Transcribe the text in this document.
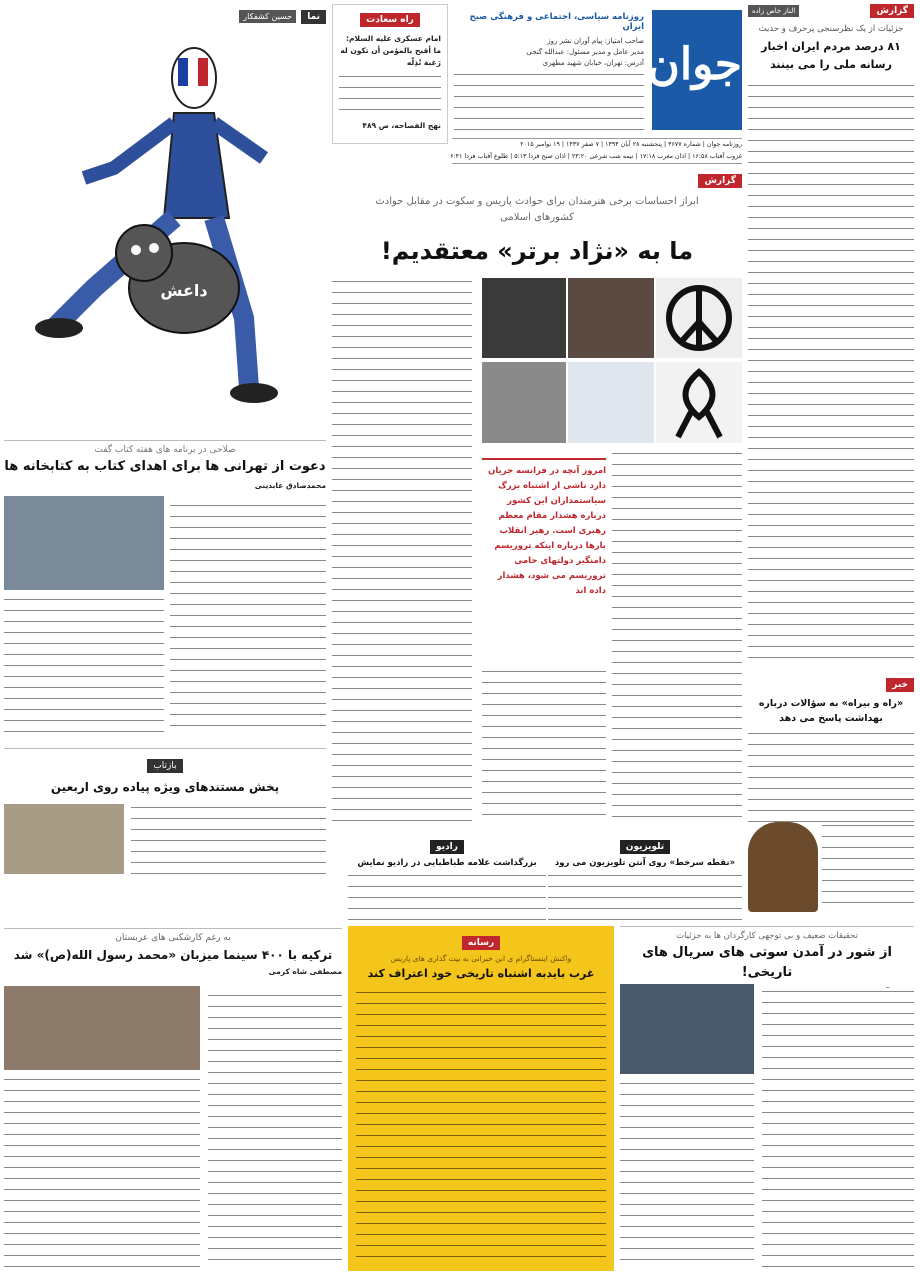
جوان
روزنامه سیاسی، اجتماعی و فرهنگی صبح ایران
صاحب امتیاز: پیام آوران نشر روز
مدیر عامل و مدیر مسئول: عبدالله گنجی
آدرس: تهران، خیابان شهید مطهری
روزنامه جوان | شماره ۴۶۷۷ | پنجشنبه ۲۸ آبان ۱۳۹۴ | ۷ صفر ۱۴۳۷ | ۱۹ نوامبر ۲۰۱۵
غروب آفتاب ۱۶:۵۸ | اذان مغرب ۱۷:۱۸ | نیمه شب شرعی ۲۳:۲۰ | اذان صبح فردا ۵:۱۳ | طلوع آفتاب فردا ۶:۴۱
گزارش
الناز خاص زاده
جزئیات از یک نظرسنجی پرحرف و حدیث
۸۱ درصد مردم ایران اخبار رسانه ملی را می بینند
راه سعادت
امام عسکری علیه السلام: ما أقبح بالمؤمن أن تكون له رَغبة تُذِلّه
نهج الفصاحه، ص ۴۸۹
نما حسین کشفکار
داعش
گزارش
ابراز احساسات برخی هنرمندان برای حوادث پاریس و سکوت در مقابل حوادث کشورهای اسلامی
ما به «نژاد برتر» معتقدیم!
امروز آنچه در فرانسه جریان دارد ناشی از اشتباه بزرگ سیاستمداران این کشور درباره هشدار مقام معظم رهبری است. رهبر انقلاب بارها درباره اینکه تروریسم دامنگیر دولتهای حامی تروریسم می شود، هشدار داده اند
صلاحی در برنامه های هفته کتاب گفت
دعوت از تهرانی ها برای اهدای کتاب به کتابخانه ها
محمدصادق عابدینی
بازتاب
پخش مستندهای ویژه پیاده روی اربعین
رادیو
بزرگداشت علامه طباطبایی در رادیو نمایش
تلویزیون
«نقطه سرخط» روی آنتن تلویزیون می رود
خبر
«راه و بیراه» به سؤالات درباره بهداشت پاسخ می دهد
رسانه
واکنش اینستاگرام ی ابن خبرانی به بیت گذاری های پاریس
غرب بایدبه اشتباه تاریخی خود اعتراف کند
به رغم کارشکنی های عربستان
ترکیه با ۴۰۰ سینما میزبان «محمد رسول الله(ص)» شد
مصطفی شاه کرمی
تحقیقات ضعیف و بی توجهی کارگردان ها به جزئیات
از شور در آمدن سوتی های سریال های تاریخی!
